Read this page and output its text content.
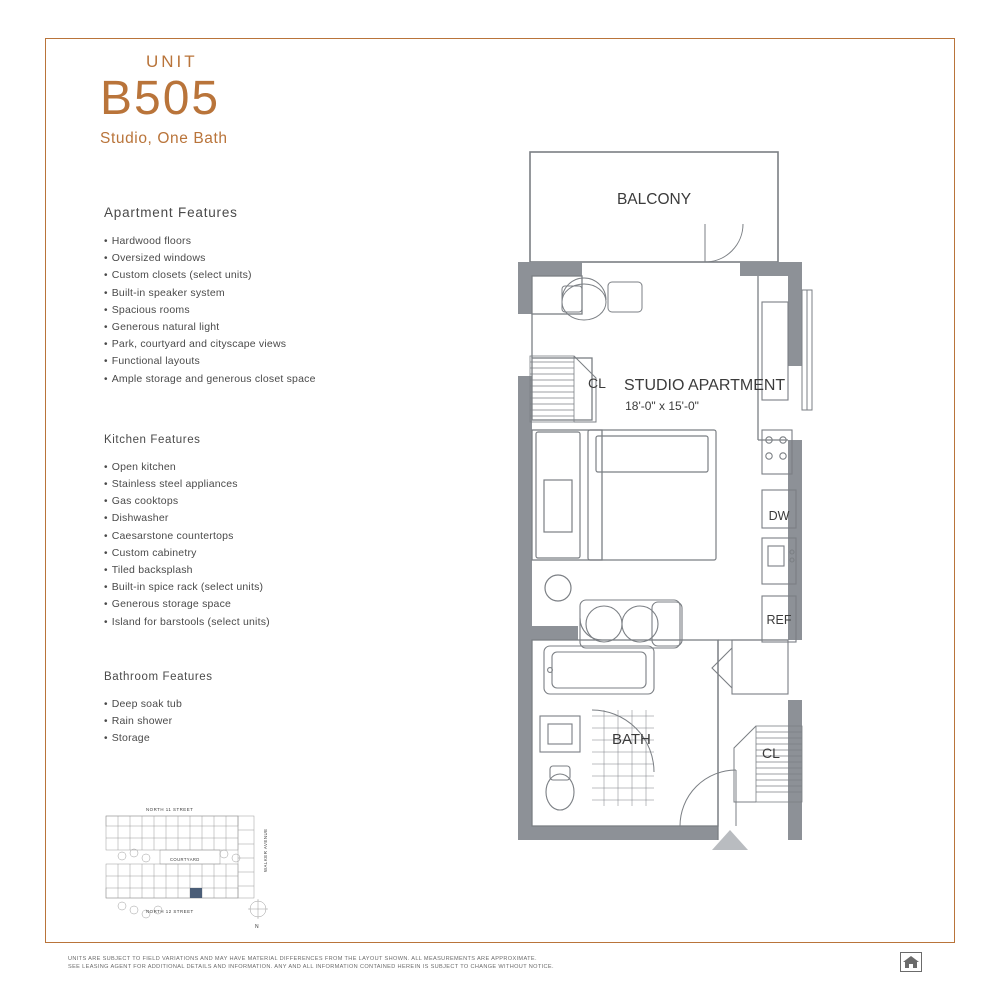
UNIT
B505
Studio, One Bath
Apartment Features
• Hardwood floors
• Oversized windows
• Custom closets (select units)
• Built-in speaker system
• Spacious rooms
• Generous natural light
• Park, courtyard and cityscape views
• Functional layouts
• Ample storage and generous closet space
Kitchen Features
• Open kitchen
• Stainless steel appliances
• Gas cooktops
• Dishwasher
• Caesarstone countertops
• Custom cabinetry
• Tiled backsplash
• Built-in spice rack (select units)
• Generous storage space
• Island for barstools (select units)
Bathroom Features
• Deep soak tub
• Rain shower
• Storage
NORTH 11 STREET
NORTH 12 STREET
COURTYARD	WALKER AVENUE
N
BALCONY
CL STUDIO APARTMENT
18'-0" x 15'-0"
DW
REF
BATH
CL
UNITS ARE SUBJECT TO FIELD VARIATIONS AND MAY HAVE MATERIAL DIFFERENCES FROM THE LAYOUT SHOWN. ALL MEASUREMENTS ARE APPROXIMATE.
SEE LEASING AGENT FOR ADDITIONAL DETAILS AND INFORMATION. ANY AND ALL INFORMATION CONTAINED HEREIN IS SUBJECT TO CHANGE WITHOUT NOTICE.
